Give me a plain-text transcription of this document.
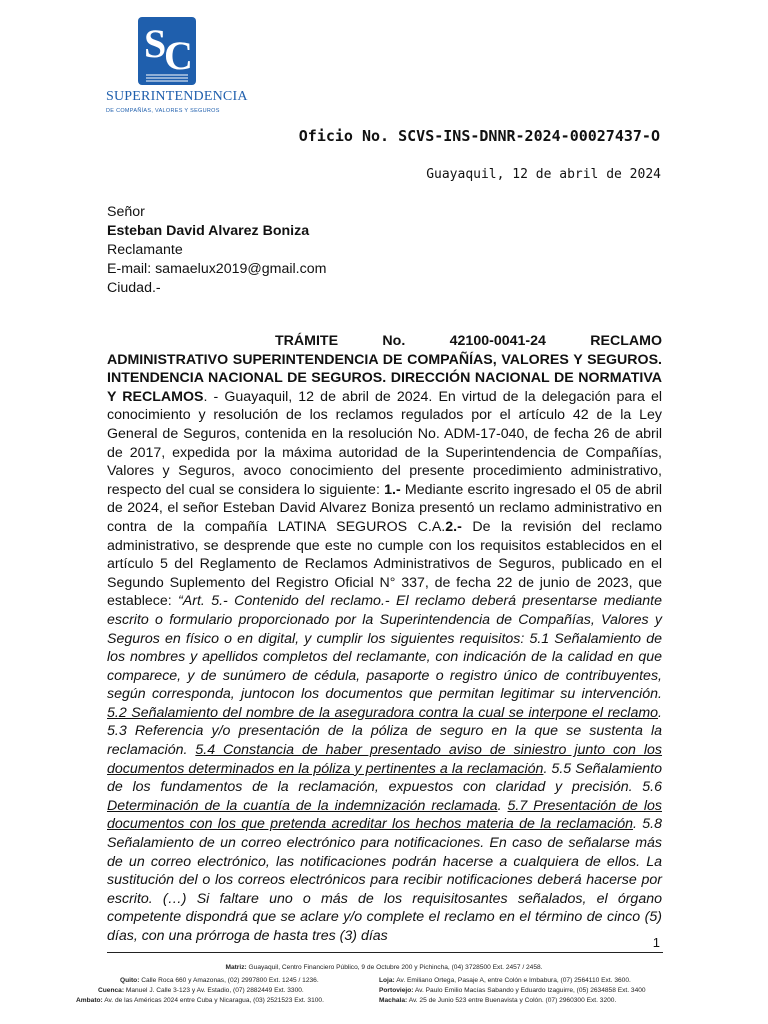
S
C
SUPERINTENDENCIA
DE COMPAÑÍAS, VALORES Y SEGUROS
Oficio No. SCVS-INS-DNNR-2024-00027437-O
Guayaquil, 12 de abril de 2024
Señor
Esteban David Alvarez Boniza
Reclamante
E-mail: samaelux2019@gmail.com
Ciudad.-

TRÁMITE No. 42100-0041-24 RECLAMO ADMINISTRATIVO SUPERINTENDENCIA DE COMPAÑÍAS, VALORES Y SEGUROS. INTENDENCIA NACIONAL DE SEGUROS. DIRECCIÓN NACIONAL DE NORMATIVA Y RECLAMOS. - Guayaquil, 12 de abril de 2024. En virtud de la delegación para el conocimiento y resolución de los reclamos regulados por el artículo 42 de la Ley General de Seguros, contenida en la resolución No. ADM-17-040, de fecha 26 de abril de 2017, expedida por la máxima autoridad de la Superintendencia de Compañías, Valores y Seguros, avoco conocimiento del presente procedimiento administrativo, respecto del cual se considera lo siguiente: 1.- Mediante escrito ingresado el 05 de abril de 2024, el señor Esteban David Alvarez Boniza presentó un reclamo administrativo en contra de la compañía LATINA SEGUROS C.A.2.- De la revisión del reclamo administrativo, se desprende que este no cumple con los requisitos establecidos en el artículo 5 del Reglamento de Reclamos Administrativos de Seguros, publicado en el Segundo Suplemento del Registro Oficial N° 337, de fecha 22 de junio de 2023, que establece: “Art. 5.- Contenido del reclamo.- El reclamo deberá presentarse mediante escrito o formulario proporcionado por la Superintendencia de Compañías, Valores y Seguros en físico o en digital, y cumplir los siguientes requisitos: 5.1 Señalamiento de los nombres y apellidos completos del reclamante, con indicación de la calidad en que comparece, y de sunúmero de cédula, pasaporte o registro único de contribuyentes, según corresponda, juntocon los documentos que permitan legitimar su intervención. 5.2 Señalamiento del nombre de la aseguradora contra la cual se interpone el reclamo. 5.3 Referencia y/o presentación de la póliza de seguro en la que se sustenta la reclamación. 5.4 Constancia de haber presentado aviso de siniestro junto con los documentos determinados en la póliza y pertinentes a la reclamación. 5.5 Señalamiento de los fundamentos de la reclamación, expuestos con claridad y precisión. 5.6 Determinación de la cuantía de la indemnización reclamada. 5.7 Presentación de los documentos con los que pretenda acreditar los hechos materia de la reclamación. 5.8 Señalamiento de un correo electrónico para notificaciones. En caso de señalarse más de un correo electrónico, las notificaciones podrán hacerse a cualquiera de ellos. La sustitución del o los correos electrónicos para recibir notificaciones deberá hacerse por escrito. (…) Si faltare uno o más de los requisitosantes señalados, el órgano competente dispondrá que se aclare y/o complete el reclamo en el término de cinco (5) días, con una prórroga de hasta tres (3) días	1
Matriz: Guayaquil, Centro Financiero Público, 9 de Octubre 200 y Pichincha, (04) 3728500 Ext. 2457 / 2458.
Quito: Calle Roca 660 y Amazonas, (02) 2997800 Ext. 1245 / 1236.
Cuenca: Manuel J. Calle 3-123 y Av. Estadio, (07) 2882449 Ext. 3300.
Ambato: Av. de las Américas 2024 entre Cuba y Nicaragua, (03) 2521523 Ext. 3100.
Loja: Av. Emiliano Ortega, Pasaje A, entre Colón e Imbabura, (07) 2564110 Ext. 3600.
Portoviejo: Av. Paulo Emilio Macías Sabando y Eduardo Izaguirre, (05) 2634858 Ext. 3400
Machala: Av. 25 de Junio 523 entre Buenavista y Colón. (07) 2960300 Ext. 3200.
